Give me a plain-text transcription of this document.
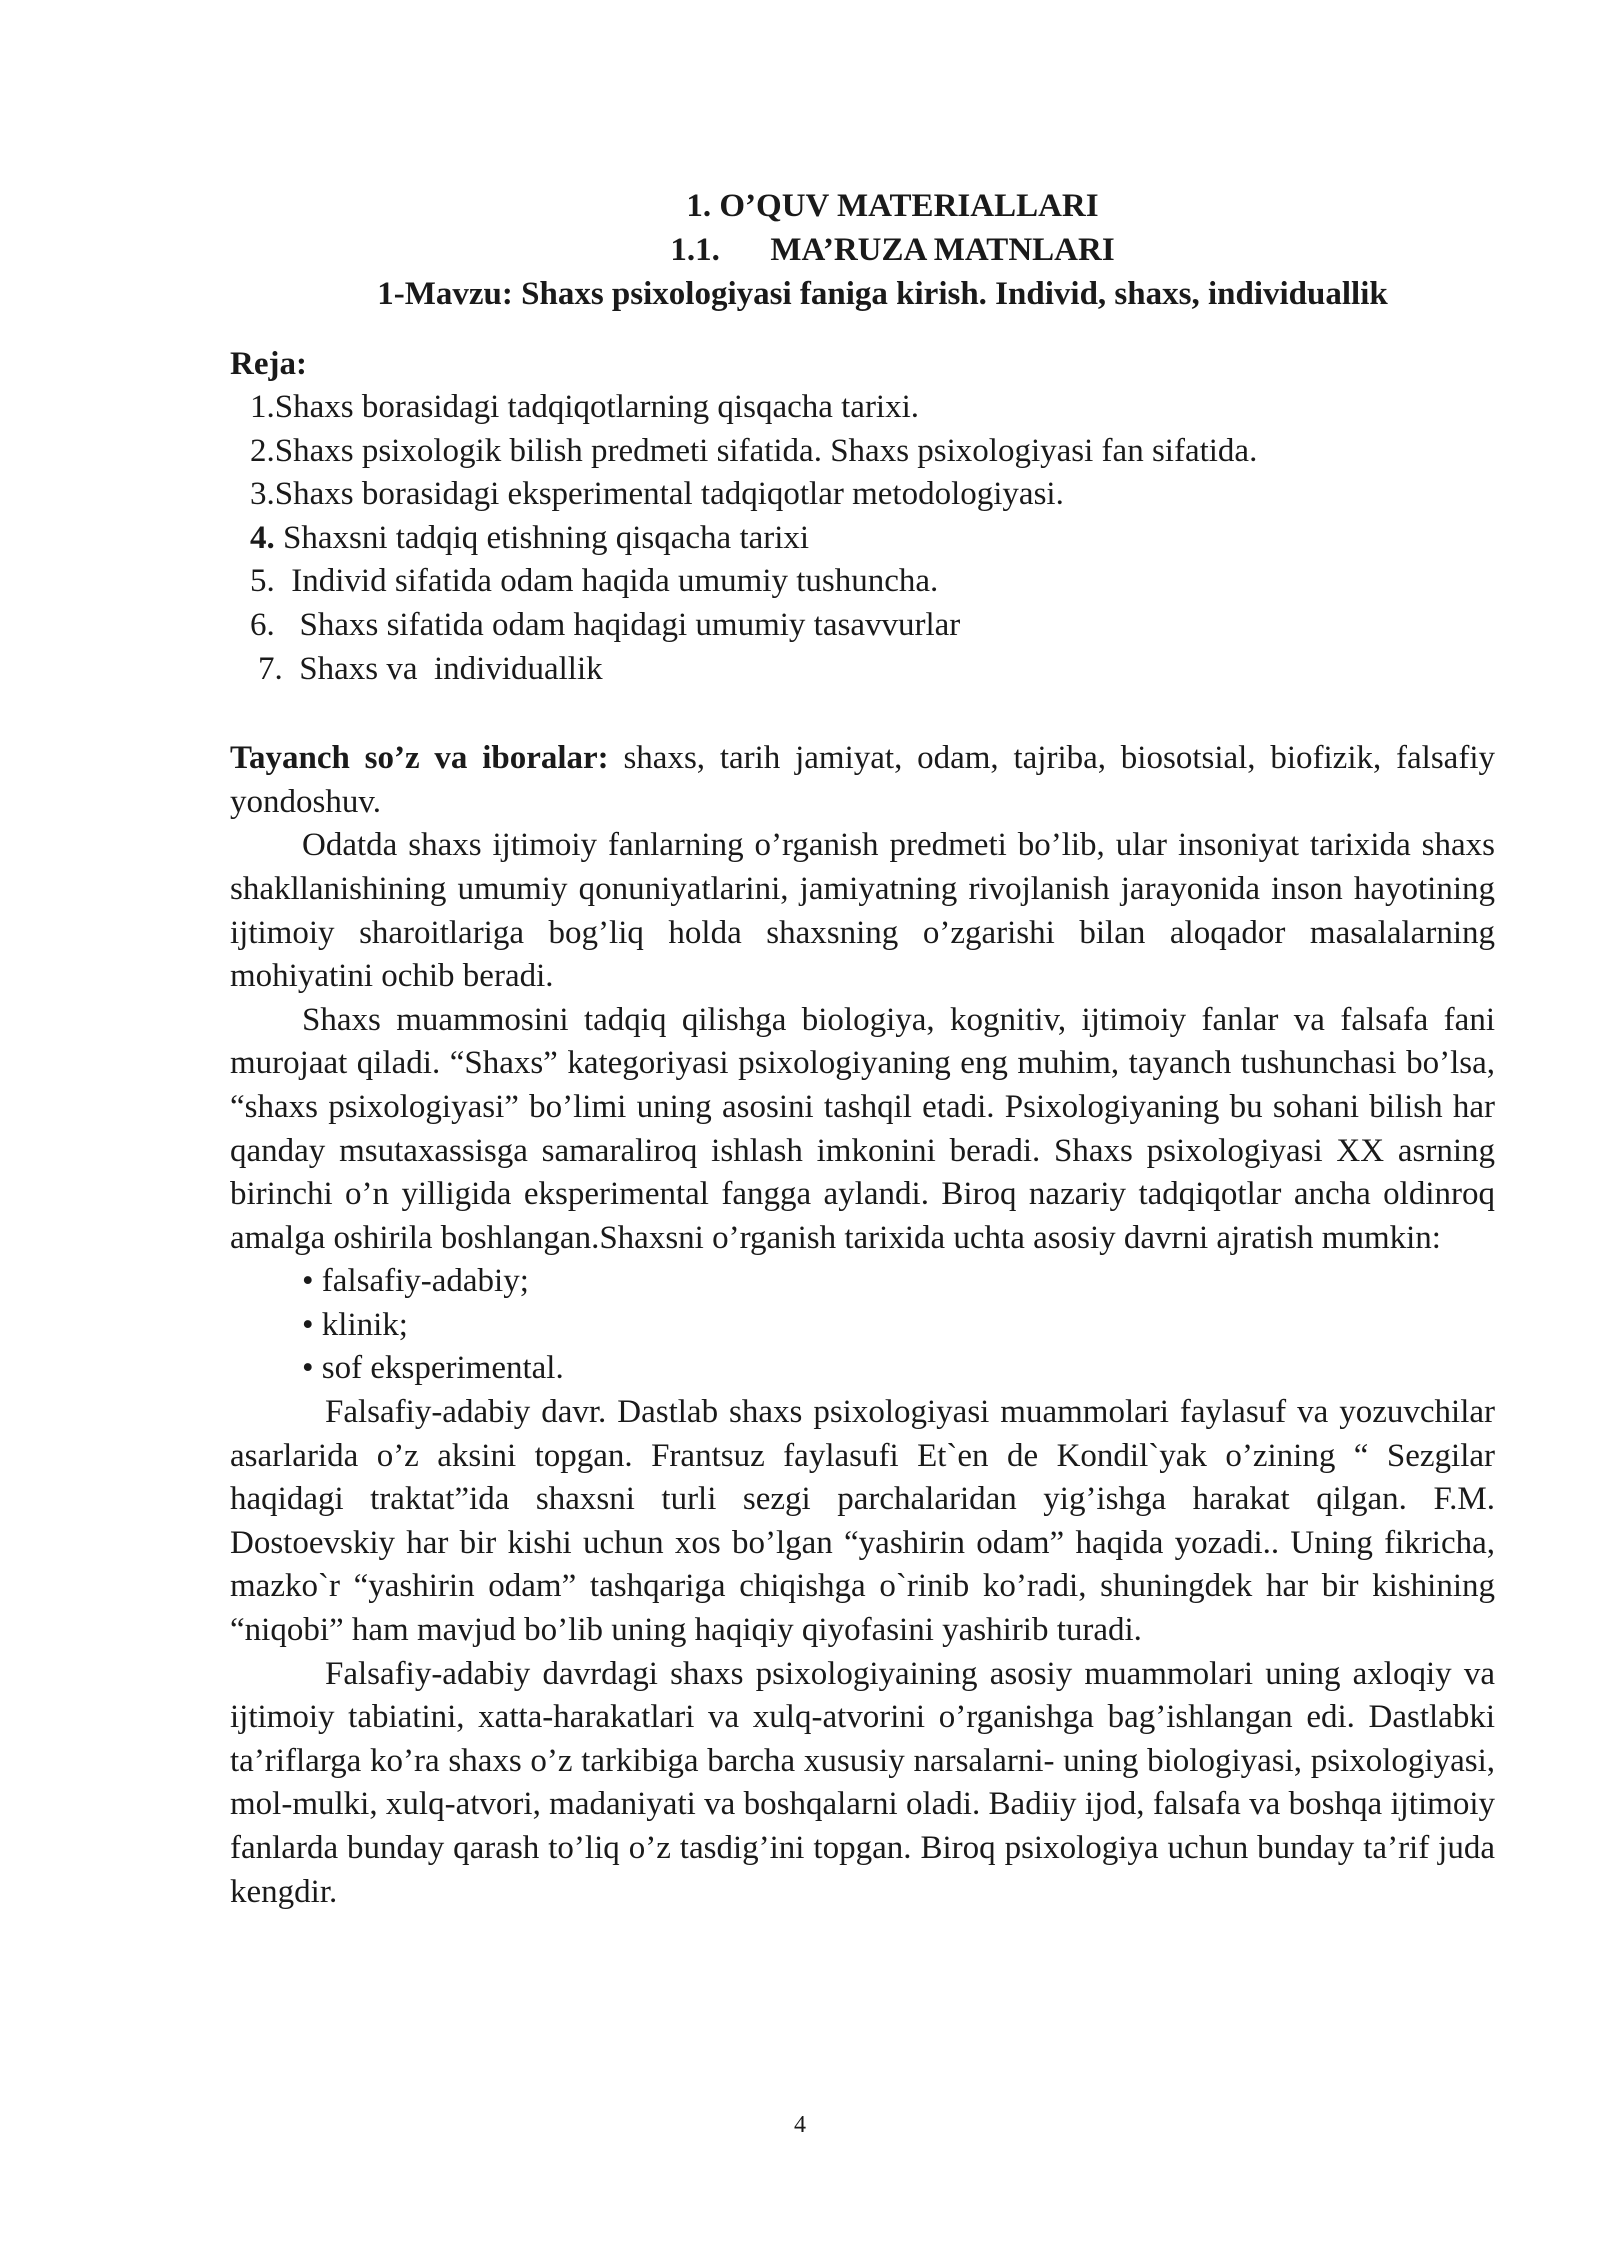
1. O’QUV MATERIALLARI

1.1. MA’RUZA MATNLARI

1-Mavzu: Shaxs psixologiyasi faniga kirish. Individ, shaxs, individuallik

Reja:

1.Shaxs borasidagi tadqiqotlarning qisqacha tarixi.
2.Shaxs psixologik bilish predmeti sifatida. Shaxs psixologiyasi fan sifatida.
3.Shaxs borasidagi eksperimental tadqiqotlar metodologiyasi.
4. Shaxsni tadqiq etishning qisqacha tarixi
5.  Individ sifatida odam haqida umumiy tushuncha.
6.   Shaxs sifatida odam haqidagi umumiy tasavvurlar
7.  Shaxs va  individuallik

Tayanch so’z va iboralar: shaxs, tarih jamiyat, odam, tajriba, biosotsial, biofizik, falsafiy yondoshuv.

Odatda shaxs ijtimoiy fanlarning o’rganish predmeti bo’lib, ular insoniyat tarixida shaxs shakllanishining umumiy qonuniyatlarini, jamiyatning rivojlanish jarayonida inson hayotining ijtimoiy sharoitlariga bog’liq holda shaxsning o’zgarishi bilan aloqador masalalarning mohiyatini ochib beradi.

Shaxs muammosini tadqiq qilishga biologiya, kognitiv, ijtimoiy fanlar va falsafa fani murojaat qiladi. “Shaxs” kategoriyasi psixologiyaning eng muhim, tayanch tushunchasi bo’lsa, “shaxs psixologiyasi” bo’limi uning asosini tashqil etadi. Psixologiyaning bu sohani bilish har qanday msutaxassisga samaraliroq ishlash imkonini beradi. Shaxs psixologiyasi XX asrning birinchi o’n yilligida eksperimental fangga aylandi. Biroq nazariy tadqiqotlar ancha oldinroq amalga oshirila boshlangan.Shaxsni o’rganish tarixida uchta asosiy davrni ajratish mumkin:

• falsafiy-adabiy;
• klinik;
• sof eksperimental.

Falsafiy-adabiy davr. Dastlab shaxs psixologiyasi muammolari faylasuf va yozuvchilar asarlarida o’z aksini topgan. Frantsuz faylasufi Et`en de Kondil`yak o’zining “ Sezgilar haqidagi traktat”ida shaxsni turli sezgi parchalaridan yig’ishga harakat qilgan. F.M. Dostoevskiy har bir kishi uchun xos bo’lgan “yashirin odam” haqida yozadi.. Uning fikricha, mazko`r “yashirin odam” tashqariga chiqishga o`rinib ko’radi, shuningdek har bir kishining “niqobi” ham mavjud bo’lib uning haqiqiy qiyofasini yashirib turadi.

Falsafiy-adabiy davrdagi shaxs psixologiyaining asosiy muammolari uning axloqiy va ijtimoiy tabiatini, xatta-harakatlari va xulq-atvorini o’rganishga bag’ishlangan edi. Dastlabki ta’riflarga ko’ra shaxs o’z tarkibiga barcha xususiy narsalarni- uning biologiyasi, psixologiyasi, mol-mulki, xulq-atvori, madaniyati va boshqalarni oladi. Badiiy ijod, falsafa va boshqa ijtimoiy fanlarda bunday qarash to’liq o’z tasdig’ini topgan. Biroq psixologiya uchun bunday ta’rif juda kengdir.

4
